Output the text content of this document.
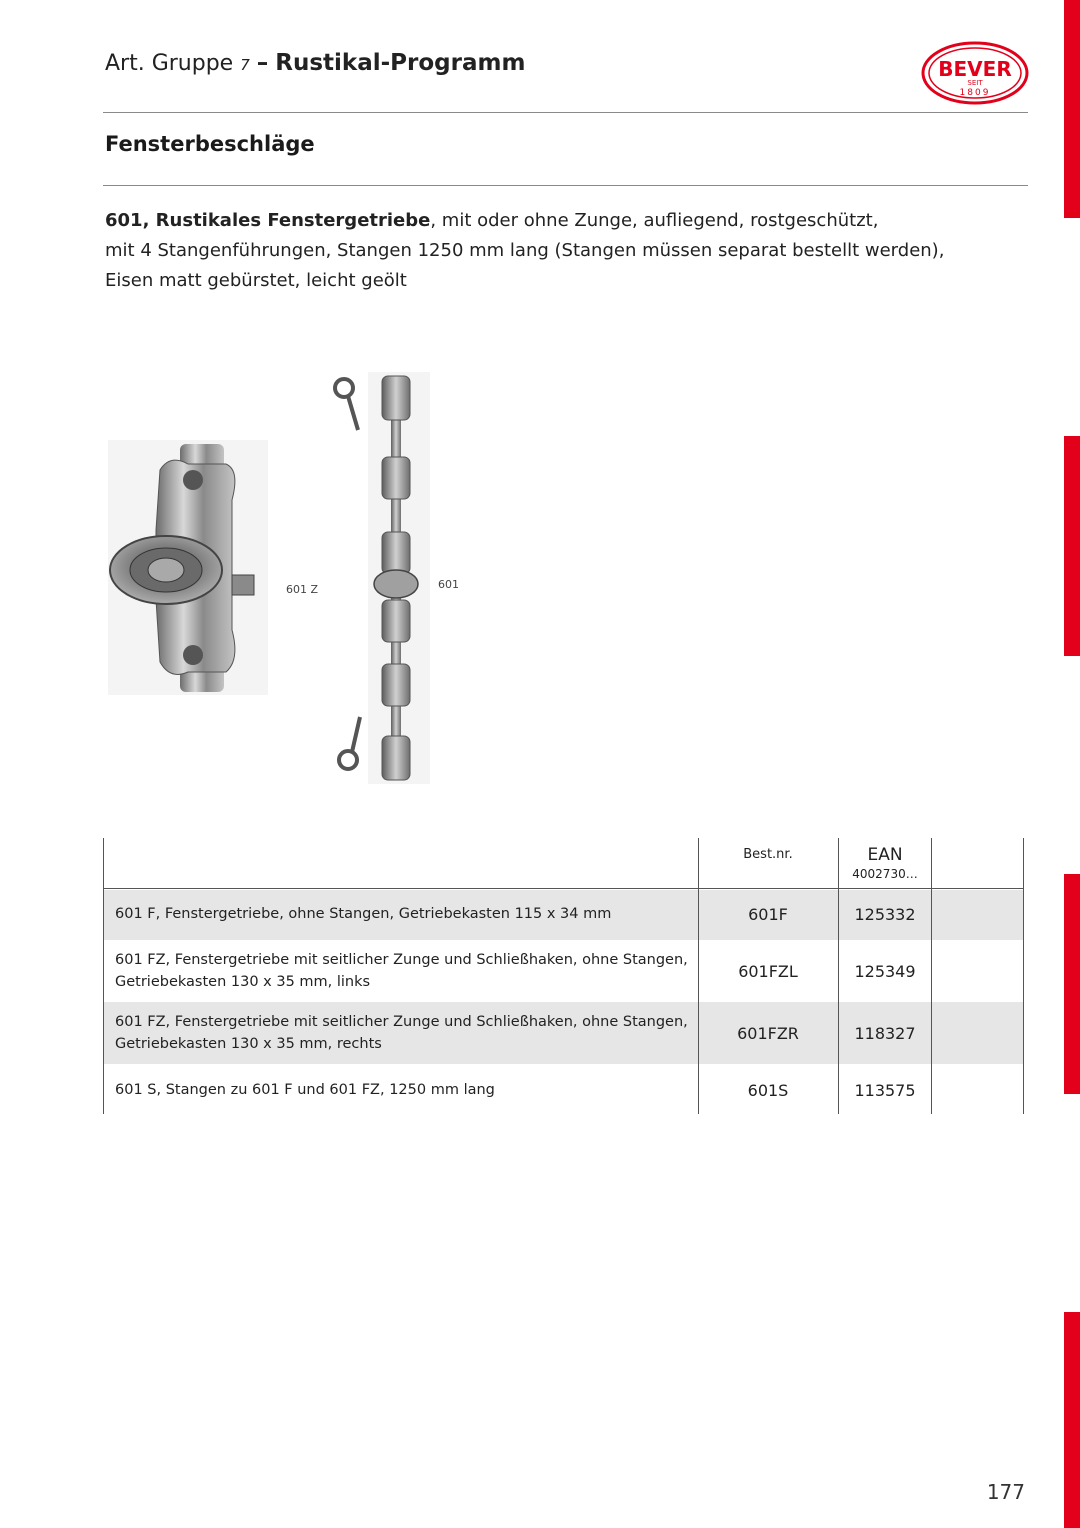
Art. Gruppe 7 – Rustikal-Programm	BEVER
SEIT
1809
Fensterbeschläge
601, Rustikales Fenstergetriebe, mit oder ohne Zunge, aufliegend, rostgeschützt,
mit 4 Stangenführungen, Stangen 1250 mm lang (Stangen müssen separat bestellt werden),
Eisen matt gebürstet, leicht geölt
601 Z	601
Best.nr.	EAN
4002730…
601 F, Fenstergetriebe, ohne Stangen, Getriebekasten 115 x 34 mm	601F	125332
601 FZ, Fenstergetriebe mit seitlicher Zunge und Schließhaken, ohne Stangen,
Getriebekasten 130 x 35 mm, links
601FZL	125349
601 FZ, Fenstergetriebe mit seitlicher Zunge und Schließhaken, ohne Stangen,
Getriebekasten 130 x 35 mm, rechts
601FZR	118327
601 S, Stangen zu 601 F und 601 FZ, 1250 mm lang	601S	113575
177
